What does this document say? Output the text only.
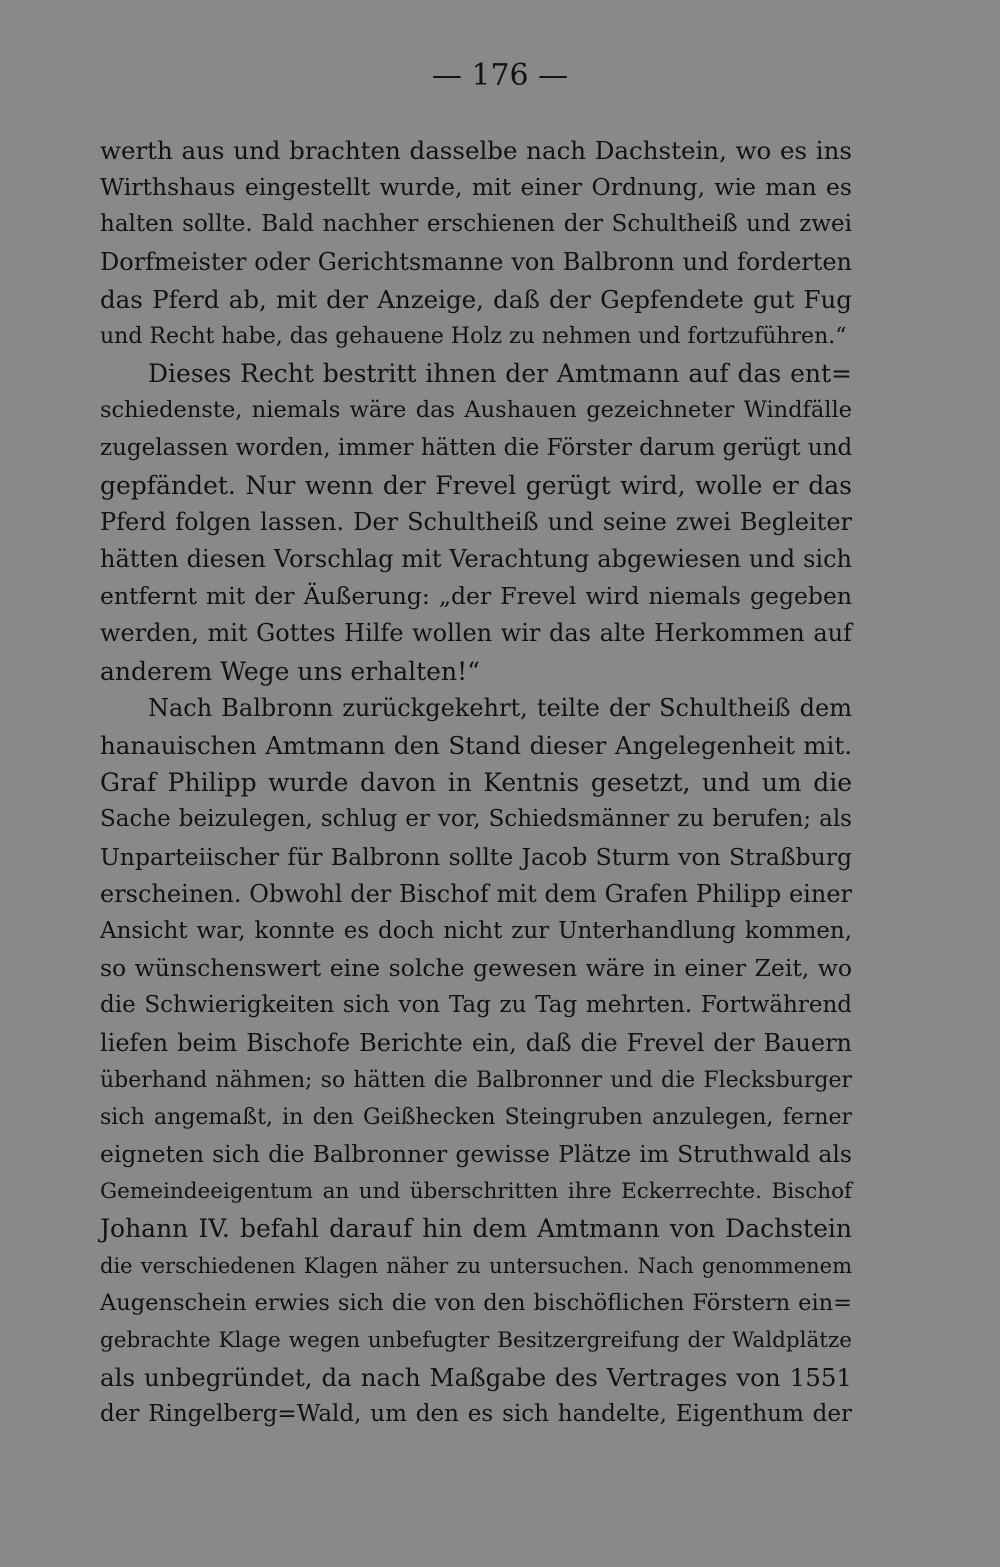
— 176 —
werth aus und brachten dasselbe nach Dachstein, wo es ins
Wirthshaus eingestellt wurde, mit einer Ordnung, wie man es
halten sollte. Bald nachher erschienen der Schultheiß und zwei
Dorfmeister oder Gerichtsmanne von Balbronn und forderten
das Pferd ab, mit der Anzeige, daß der Gepfendete gut Fug
und Recht habe, das gehauene Holz zu nehmen und fortzuführen.“
Dieses Recht bestritt ihnen der Amtmann auf das ent=
schiedenste, niemals wäre das Aushauen gezeichneter Windfälle
zugelassen worden, immer hätten die Förster darum gerügt und
gepfändet. Nur wenn der Frevel gerügt wird, wolle er das
Pferd folgen lassen. Der Schultheiß und seine zwei Begleiter
hätten diesen Vorschlag mit Verachtung abgewiesen und sich
entfernt mit der Äußerung: „der Frevel wird niemals gegeben
werden, mit Gottes Hilfe wollen wir das alte Herkommen auf
anderem Wege uns erhalten!“
Nach Balbronn zurückgekehrt, teilte der Schultheiß dem
hanauischen Amtmann den Stand dieser Angelegenheit mit.
Graf Philipp wurde davon in Kentnis gesetzt, und um die
Sache beizulegen, schlug er vor, Schiedsmänner zu berufen; als
Unparteiischer für Balbronn sollte Jacob Sturm von Straßburg
erscheinen. Obwohl der Bischof mit dem Grafen Philipp einer
Ansicht war, konnte es doch nicht zur Unterhandlung kommen,
so wünschenswert eine solche gewesen wäre in einer Zeit, wo
die Schwierigkeiten sich von Tag zu Tag mehrten. Fortwährend
liefen beim Bischofe Berichte ein, daß die Frevel der Bauern
überhand nähmen; so hätten die Balbronner und die Flecksburger
sich angemaßt, in den Geißhecken Steingruben anzulegen, ferner
eigneten sich die Balbronner gewisse Plätze im Struthwald als
Gemeindeeigentum an und überschritten ihre Eckerrechte. Bischof
Johann IV. befahl darauf hin dem Amtmann von Dachstein
die verschiedenen Klagen näher zu untersuchen. Nach genommenem
Augenschein erwies sich die von den bischöflichen Förstern ein=
gebrachte Klage wegen unbefugter Besitzergreifung der Waldplätze
als unbegründet, da nach Maßgabe des Vertrages von 1551
der Ringelberg=Wald, um den es sich handelte, Eigenthum der
